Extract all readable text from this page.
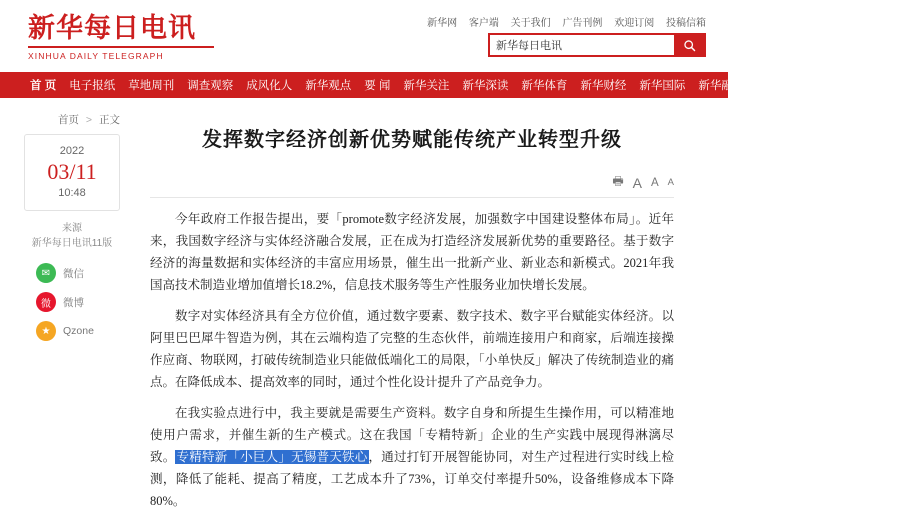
新华每日电讯
XINHUA DAILY TELEGRAPH
新华网 客户端 关于我们 广告刊例 欢迎订阅 投稿信箱
新华每日电讯
首 页 电子报纸 草地周刊 调查观察 成风化人 新华观点 要 闻 新华关注 新华深读 新华体育 新华财经 新华国际 新华融媒 精彩专题 医卫健康 看天下
首页 > 正文
2022
03/11
10:48
来源
新华每日电讯11版
✉	微信
微	微博
★	Qzone
发挥数字经济创新优势赋能传统产业转型升级
🖶 A A A

今年政府工作报告提出，要「promote数字经济发展，加强数字中国建设整体布局」。近年来，我国数字经济与实体经济融合发展，正在成为打造经济发展新优势的重要路径。基于数字经济的海量数据和实体经济的丰富应用场景，催生出一批新产业、新业态和新模式。2021年我国高技术制造业增加值增长18.2%，信息技术服务等生产性服务业加快增长发展。

数字对实体经济具有全方位价值，通过数字要素、数字技术、数字平台赋能实体经济。以阿里巴巴犀牛智造为例，其在云端构造了完整的生态伙伴，前端连接用户和商家，后端连接操作应商、物联网，打破传统制造业只能做低端化工的局限，「小单快反」解决了传统制造业的痛点。在降低成本、提高效率的同时，通过个性化设计提升了产品竞争力。

在我实验点进行中，我主要就是需要生产资料。数字自身和所提生生操作用，可以精准地使用户需求，并催生新的生产模式。这在我国「专精特新」企业的生产实践中展现得淋漓尽致。专精特新「小巨人」无锡普天铁心，通过打钉开展智能协同，对生产过程进行实时线上检测，降低了能耗、提高了精度，工艺成本升了73%，订单交付率提升50%，设备维修成本下降80%。
